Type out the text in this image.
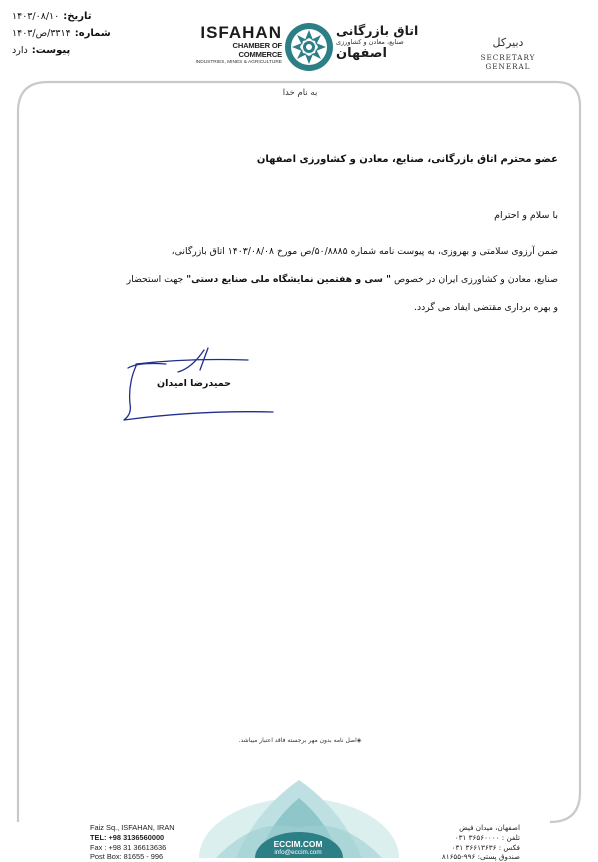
تاریخ:
۱۴۰۳/۰۸/۱۰
شماره:
۳۳۱۴/ص/۱۴۰۳
پیوست:
دارد
ISFAHAN
CHAMBER OF COMMERCE
INDUSTRIES, MINES & AGRICULTURE
اتاق بازرگانی
صنایع، معادن و کشاورزی
اصفهان
دبیرکل
SECRETARY GENERAL
به نام خدا
عضو محترم اتاق بازرگانی، صنایع، معادن و کشاورزی اصفهان
با سلام و احترام

ضمن آرزوی سلامتی و بهروزی، به پیوست نامه شماره ۵۰/۸۸۸۵/ص مورخ ۱۴۰۳/۰۸/۰۸ اتاق بازرگانی،

صنایع، معادن و کشاورزی ایران در خصوص " سی و هفتمین نمایشگاه ملی صنایع دستی" جهت استحضار

و بهره برداری مقتضی ایفاد می گردد.

حمیدرضا امیدان
◈اصل نامه بدون مهر برجسته فاقد اعتبار میباشد.
ECCIM.COM
info@eccim.com
Faiz Sq., ISFAHAN, IRAN
TEL: +98 3136560000
Fax : +98 31 36613636
Post Box: 81655 - 996
اصفهان، میدان فیض
تلفن : ۳۶۵۶۰۰۰۰ ۰۳۱
فکس : ۳۶۶۱۳۶۳۶ ۰۳۱
صندوق پستی: ۹۹۶-۸۱۶۵۵
